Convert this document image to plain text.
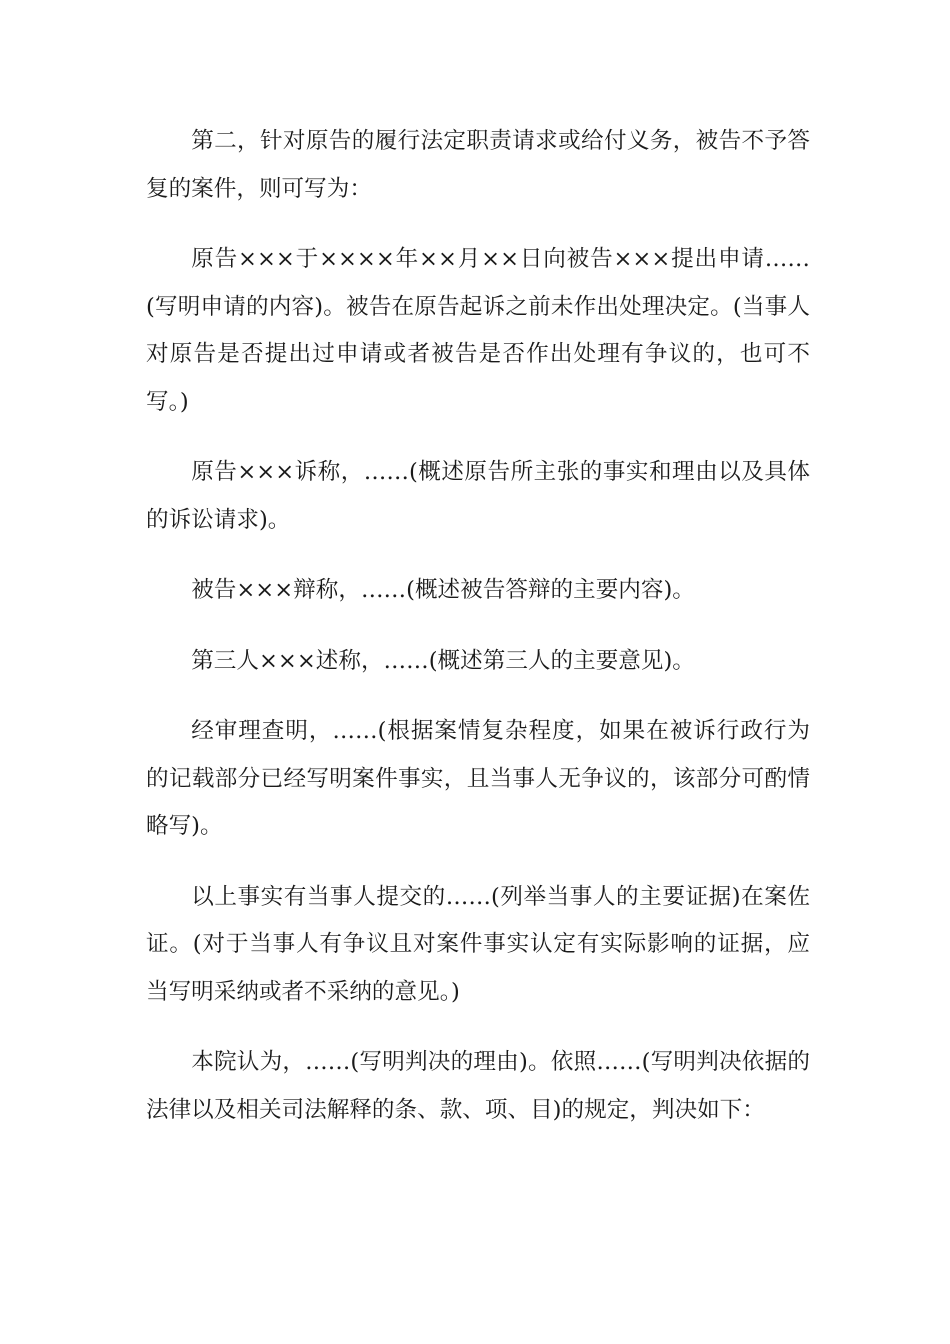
第二，针对原告的履行法定职责请求或给付义务，被告不予答复的案件，则可写为：

原告×××于××××年××月××日向被告×××提出申请……(写明申请的内容)。被告在原告起诉之前未作出处理决定。(当事人对原告是否提出过申请或者被告是否作出处理有争议的，也可不写。)

原告×××诉称，……(概述原告所主张的事实和理由以及具体的诉讼请求)。

被告×××辩称，……(概述被告答辩的主要内容)。

第三人×××述称，……(概述第三人的主要意见)。

经审理查明，……(根据案情复杂程度，如果在被诉行政行为的记载部分已经写明案件事实，且当事人无争议的，该部分可酌情略写)。

以上事实有当事人提交的……(列举当事人的主要证据)在案佐证。(对于当事人有争议且对案件事实认定有实际影响的证据，应当写明采纳或者不采纳的意见。)

本院认为，……(写明判决的理由)。依照……(写明判决依据的法律以及相关司法解释的条、款、项、目)的规定，判决如下：
